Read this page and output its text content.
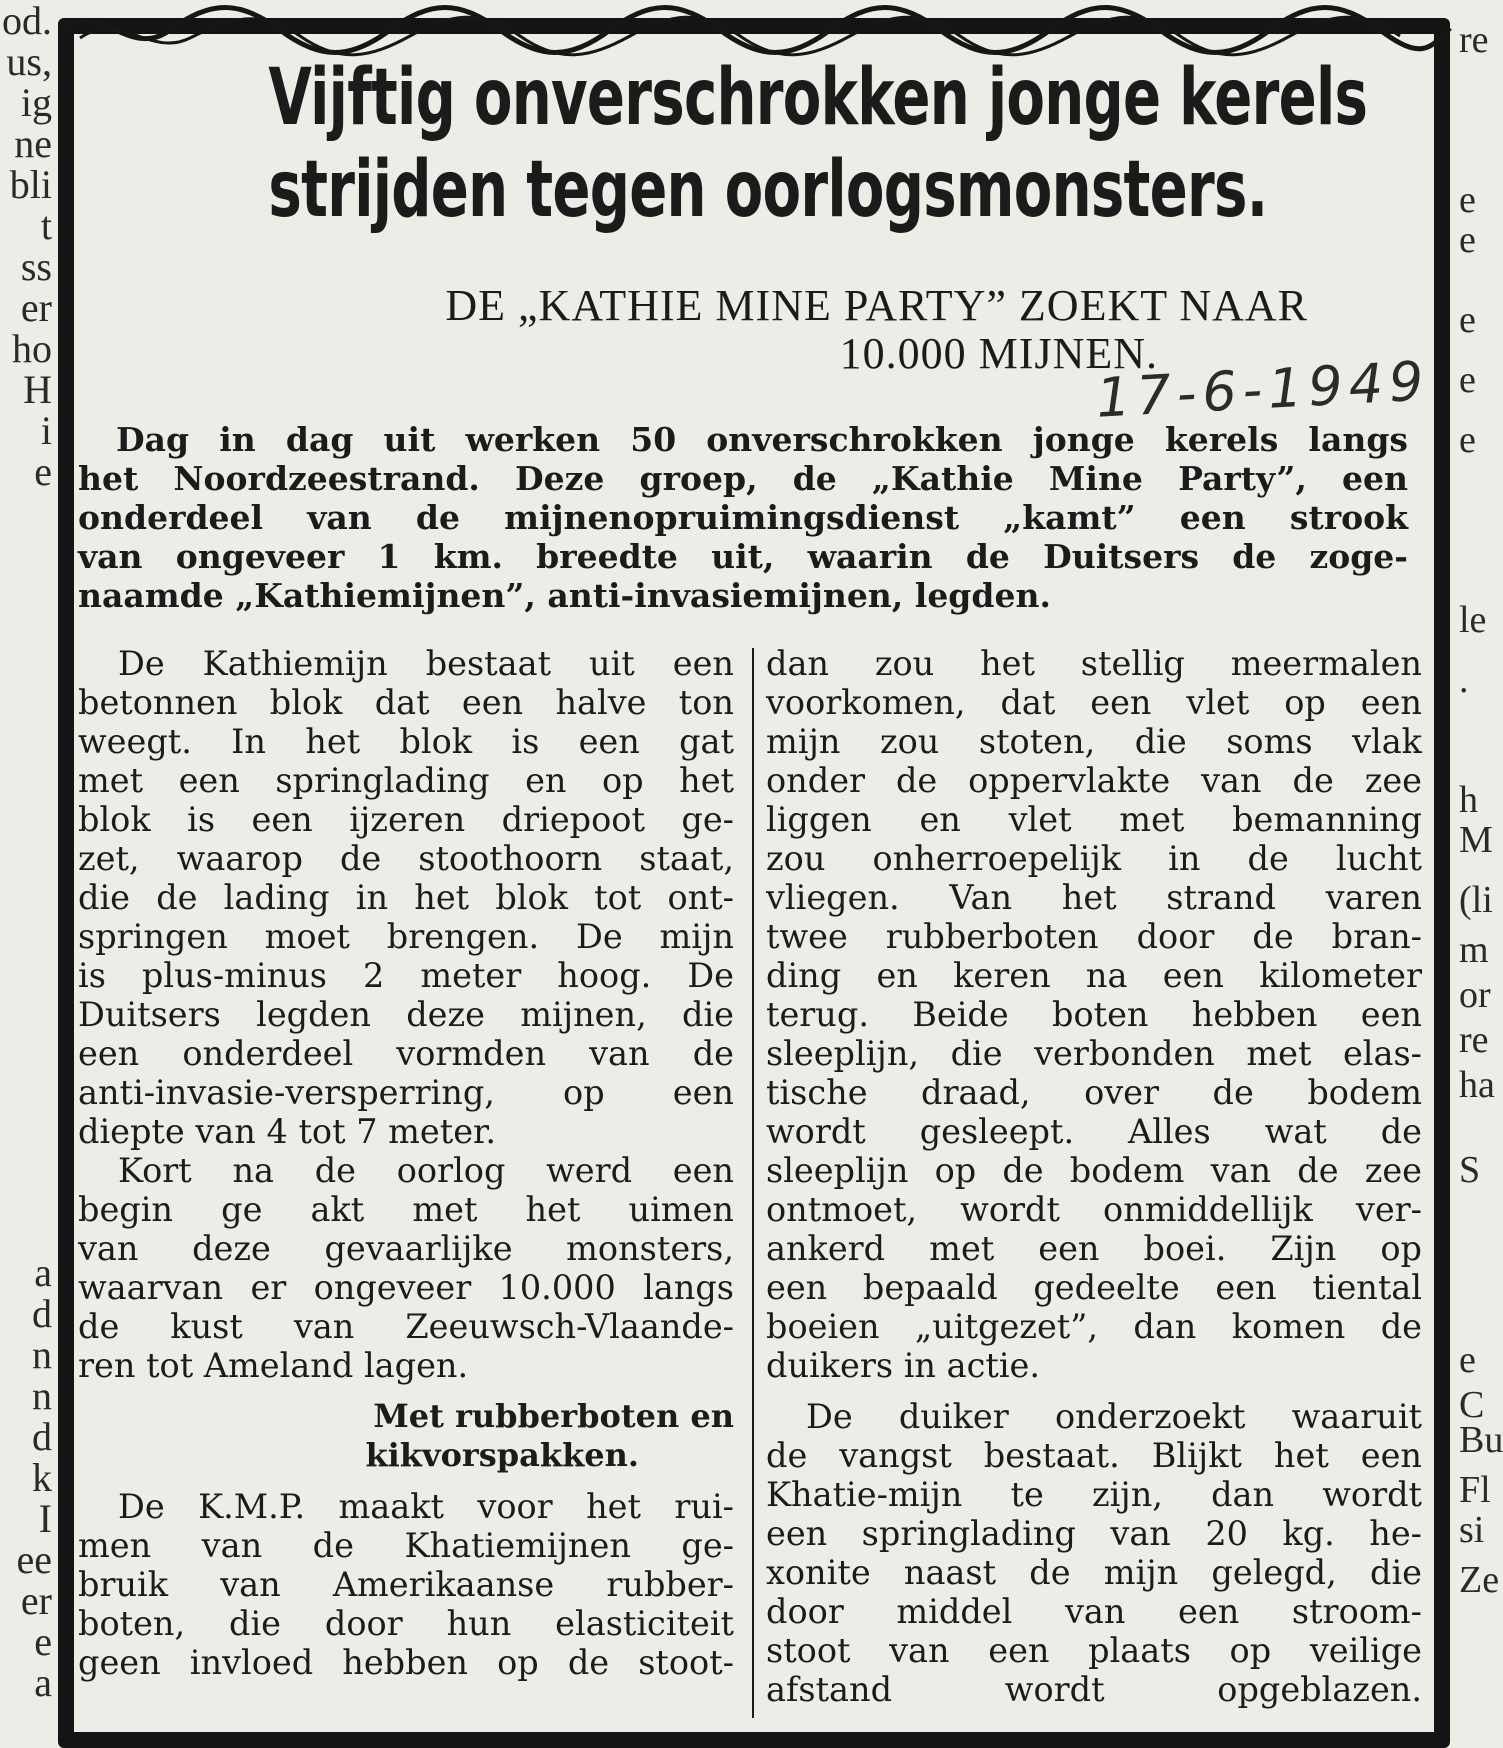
od.
us,
ig
ne
bli
t
ss
er
ho
H
i
e
a
d
n
n
d
k
I
ee
er
e
a
re
e
e
e
e
e
le
.
h
M
(li
m
or
re
ha
S
e
C
Bu
Fl
si
Ze
Vijftig onverschrokken jonge kerels
strijden tegen oorlogsmonsters.
DE „KATHIE MINE PARTY” ZOEKT NAAR
10.000 MIJNEN.
17-6-1949
Dag in dag uit werken 50 onverschrokken jonge kerels langs
het Noordzeestrand. Deze groep, de „Kathie Mine Party”, een
onderdeel van de mijnenopruimingsdienst „kamt” een strook
van ongeveer 1 km. breedte uit, waarin de Duitsers de zoge-
naamde „Kathiemijnen”, anti-invasiemijnen, legden.
De Kathiemijn bestaat uit een
betonnen blok dat een halve ton
weegt. In het blok is een gat
met een springlading en op het
blok is een ijzeren driepoot ge-
zet, waarop de stoothoorn staat,
die de lading in het blok tot ont-
springen moet brengen. De mijn
is plus-minus 2 meter hoog. De
Duitsers legden deze mijnen, die
een onderdeel vormden van de
anti-invasie-versperring, op een
diepte van 4 tot 7 meter.
Kort na de oorlog werd een
begin ge akt met het uimen
van deze gevaarlijke monsters,
waarvan er ongeveer 10.000 langs
de kust van Zeeuwsch-Vlaande-
ren tot Ameland lagen.
Met rubberboten en
kikvorspakken.
De K.M.P. maakt voor het rui-
men van de Khatiemijnen ge-
bruik van Amerikaanse rubber-
boten, die door hun elasticiteit
geen invloed hebben op de stoot-
dan zou het stellig meermalen
voorkomen, dat een vlet op een
mijn zou stoten, die soms vlak
onder de oppervlakte van de zee
liggen en vlet met bemanning
zou onherroepelijk in de lucht
vliegen. Van het strand varen
twee rubberboten door de bran-
ding en keren na een kilometer
terug. Beide boten hebben een
sleeplijn, die verbonden met elas-
tische draad, over de bodem
wordt gesleept. Alles wat de
sleeplijn op de bodem van de zee
ontmoet, wordt onmiddellijk ver-
ankerd met een boei. Zijn op
een bepaald gedeelte een tiental
boeien „uitgezet”, dan komen de
duikers in actie.
De duiker onderzoekt waaruit
de vangst bestaat. Blijkt het een
Khatie-mijn te zijn, dan wordt
een springlading van 20 kg. he-
xonite naast de mijn gelegd, die
door middel van een stroom-
stoot van een plaats op veilige
afstand wordt opgeblazen.
